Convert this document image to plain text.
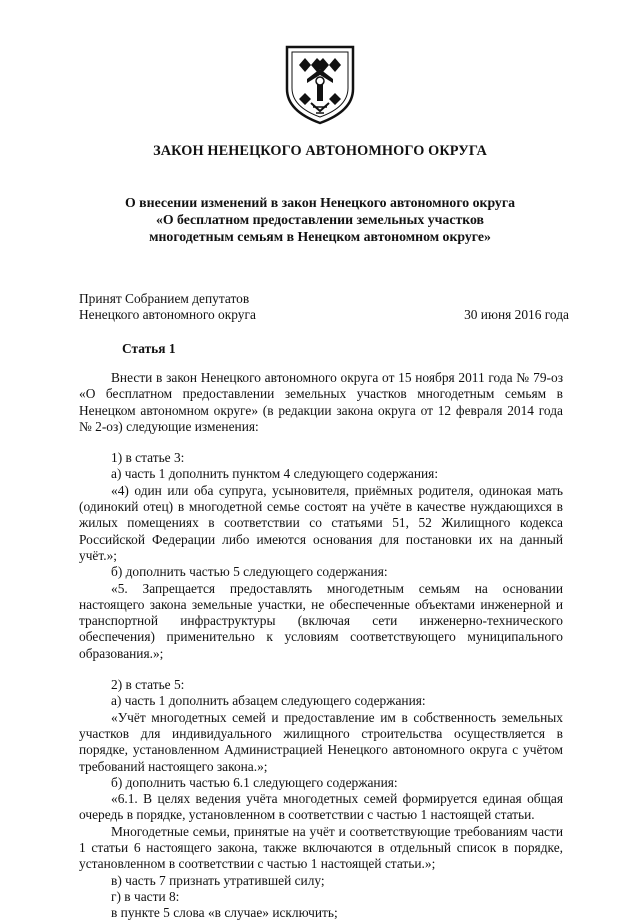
ЗАКОН НЕНЕЦКОГО АВТОНОМНОГО ОКРУГА
О внесении изменений в закон Ненецкого автономного округа
«О бесплатном предоставлении земельных участков
многодетным семьям в Ненецком автономном округе»
Принят Собранием депутатов
Ненецкого автономного округа	30 июня 2016 года
Статья 1

Внести в закон Ненецкого автономного округа от 15 ноября 2011 года № 79-оз «О бесплатном предоставлении земельных участков многодетным семьям в Ненецком автономном округе» (в редакции закона округа от 12 февраля 2014 года № 2-оз) следующие изменения:

1) в статье 3:

а) часть 1 дополнить пунктом 4 следующего содержания:

«4) один или оба супруга, усыновителя, приёмных родителя, одинокая мать (одинокий отец) в многодетной семье состоят на учёте в качестве нуждающихся в жилых помещениях в соответствии со статьями 51, 52 Жилищного кодекса Российской Федерации либо имеются основания для постановки их на данный учёт.»;

б) дополнить частью 5 следующего содержания:

«5. Запрещается предоставлять многодетным семьям на основании настоящего закона земельные участки, не обеспеченные объектами инженерной и транспортной инфраструктуры (включая сети инженерно-технического обеспечения) применительно к условиям соответствующего муниципального образования.»;

2) в статье 5:

а) часть 1 дополнить абзацем следующего содержания:

«Учёт многодетных семей и предоставление им в собственность земельных участков для индивидуального жилищного строительства осуществляется в порядке, установленном Администрацией Ненецкого автономного округа с учётом требований настоящего закона.»;

б) дополнить частью 6.1 следующего содержания:

«6.1. В целях ведения учёта многодетных семей формируется единая общая очередь в порядке, установленном в соответствии с частью 1 настоящей статьи.

Многодетные семьи, принятые на учёт и соответствующие требованиям части 1 статьи 6 настоящего закона, также включаются в отдельный список в порядке, установленном в соответствии с частью 1 настоящей статьи.»;

в) часть 7 признать утратившей силу;

г) в части 8:

в пункте 5 слова «в случае» исключить;
